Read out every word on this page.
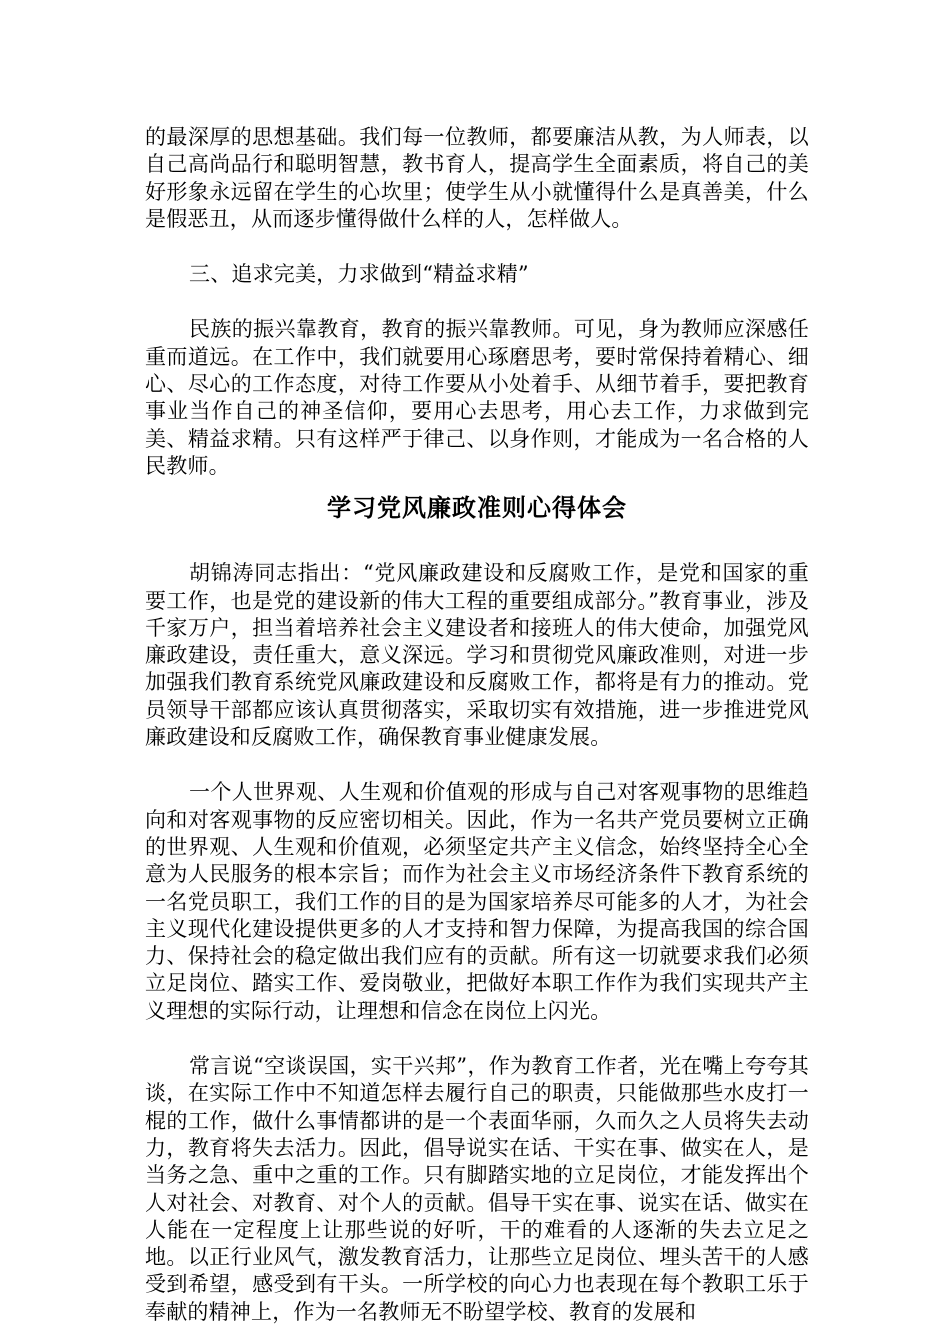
的最深厚的思想基础。我们每一位教师，都要廉洁从教，为人师表，以自己高尚品行和聪明智慧，教书育人，提高学生全面素质，将自己的美好形象永远留在学生的心坎里；使学生从小就懂得什么是真善美，什么是假恶丑，从而逐步懂得做什么样的人，怎样做人。

三、追求完美，力求做到“精益求精”

民族的振兴靠教育，教育的振兴靠教师。可见，身为教师应深感任重而道远。在工作中，我们就要用心琢磨思考，要时常保持着精心、细心、尽心的工作态度，对待工作要从小处着手、从细节着手，要把教育事业当作自己的神圣信仰，要用心去思考，用心去工作，力求做到完美、精益求精。只有这样严于律己、以身作则，才能成为一名合格的人民教师。

学习党风廉政准则心得体会

胡锦涛同志指出：“党风廉政建设和反腐败工作，是党和国家的重要工作，也是党的建设新的伟大工程的重要组成部分。”教育事业，涉及千家万户，担当着培养社会主义建设者和接班人的伟大使命，加强党风廉政建设，责任重大，意义深远。学习和贯彻党风廉政准则，对进一步加强我们教育系统党风廉政建设和反腐败工作，都将是有力的推动。党员领导干部都应该认真贯彻落实，采取切实有效措施，进一步推进党风廉政建设和反腐败工作，确保教育事业健康发展。

一个人世界观、人生观和价值观的形成与自己对客观事物的思维趋向和对客观事物的反应密切相关。因此，作为一名共产党员要树立正确的世界观、人生观和价值观，必须坚定共产主义信念，始终坚持全心全意为人民服务的根本宗旨；而作为社会主义市场经济条件下教育系统的一名党员职工，我们工作的目的是为国家培养尽可能多的人才，为社会主义现代化建设提供更多的人才支持和智力保障，为提高我国的综合国力、保持社会的稳定做出我们应有的贡献。所有这一切就要求我们必须立足岗位、踏实工作、爱岗敬业，把做好本职工作作为我们实现共产主义理想的实际行动，让理想和信念在岗位上闪光。

常言说“空谈误国，实干兴邦”，作为教育工作者，光在嘴上夸夸其谈，在实际工作中不知道怎样去履行自己的职责，只能做那些水皮打一棍的工作，做什么事情都讲的是一个表面华丽，久而久之人员将失去动力，教育将失去活力。因此，倡导说实在话、干实在事、做实在人，是当务之急、重中之重的工作。只有脚踏实地的立足岗位，才能发挥出个人对社会、对教育、对个人的贡献。倡导干实在事、说实在话、做实在人能在一定程度上让那些说的好听，干的难看的人逐渐的失去立足之地。以正行业风气，激发教育活力，让那些立足岗位、埋头苦干的人感受到希望，感受到有干头。一所学校的向心力也表现在每个教职工乐于奉献的精神上，作为一名教师无不盼望学校、教育的发展和
